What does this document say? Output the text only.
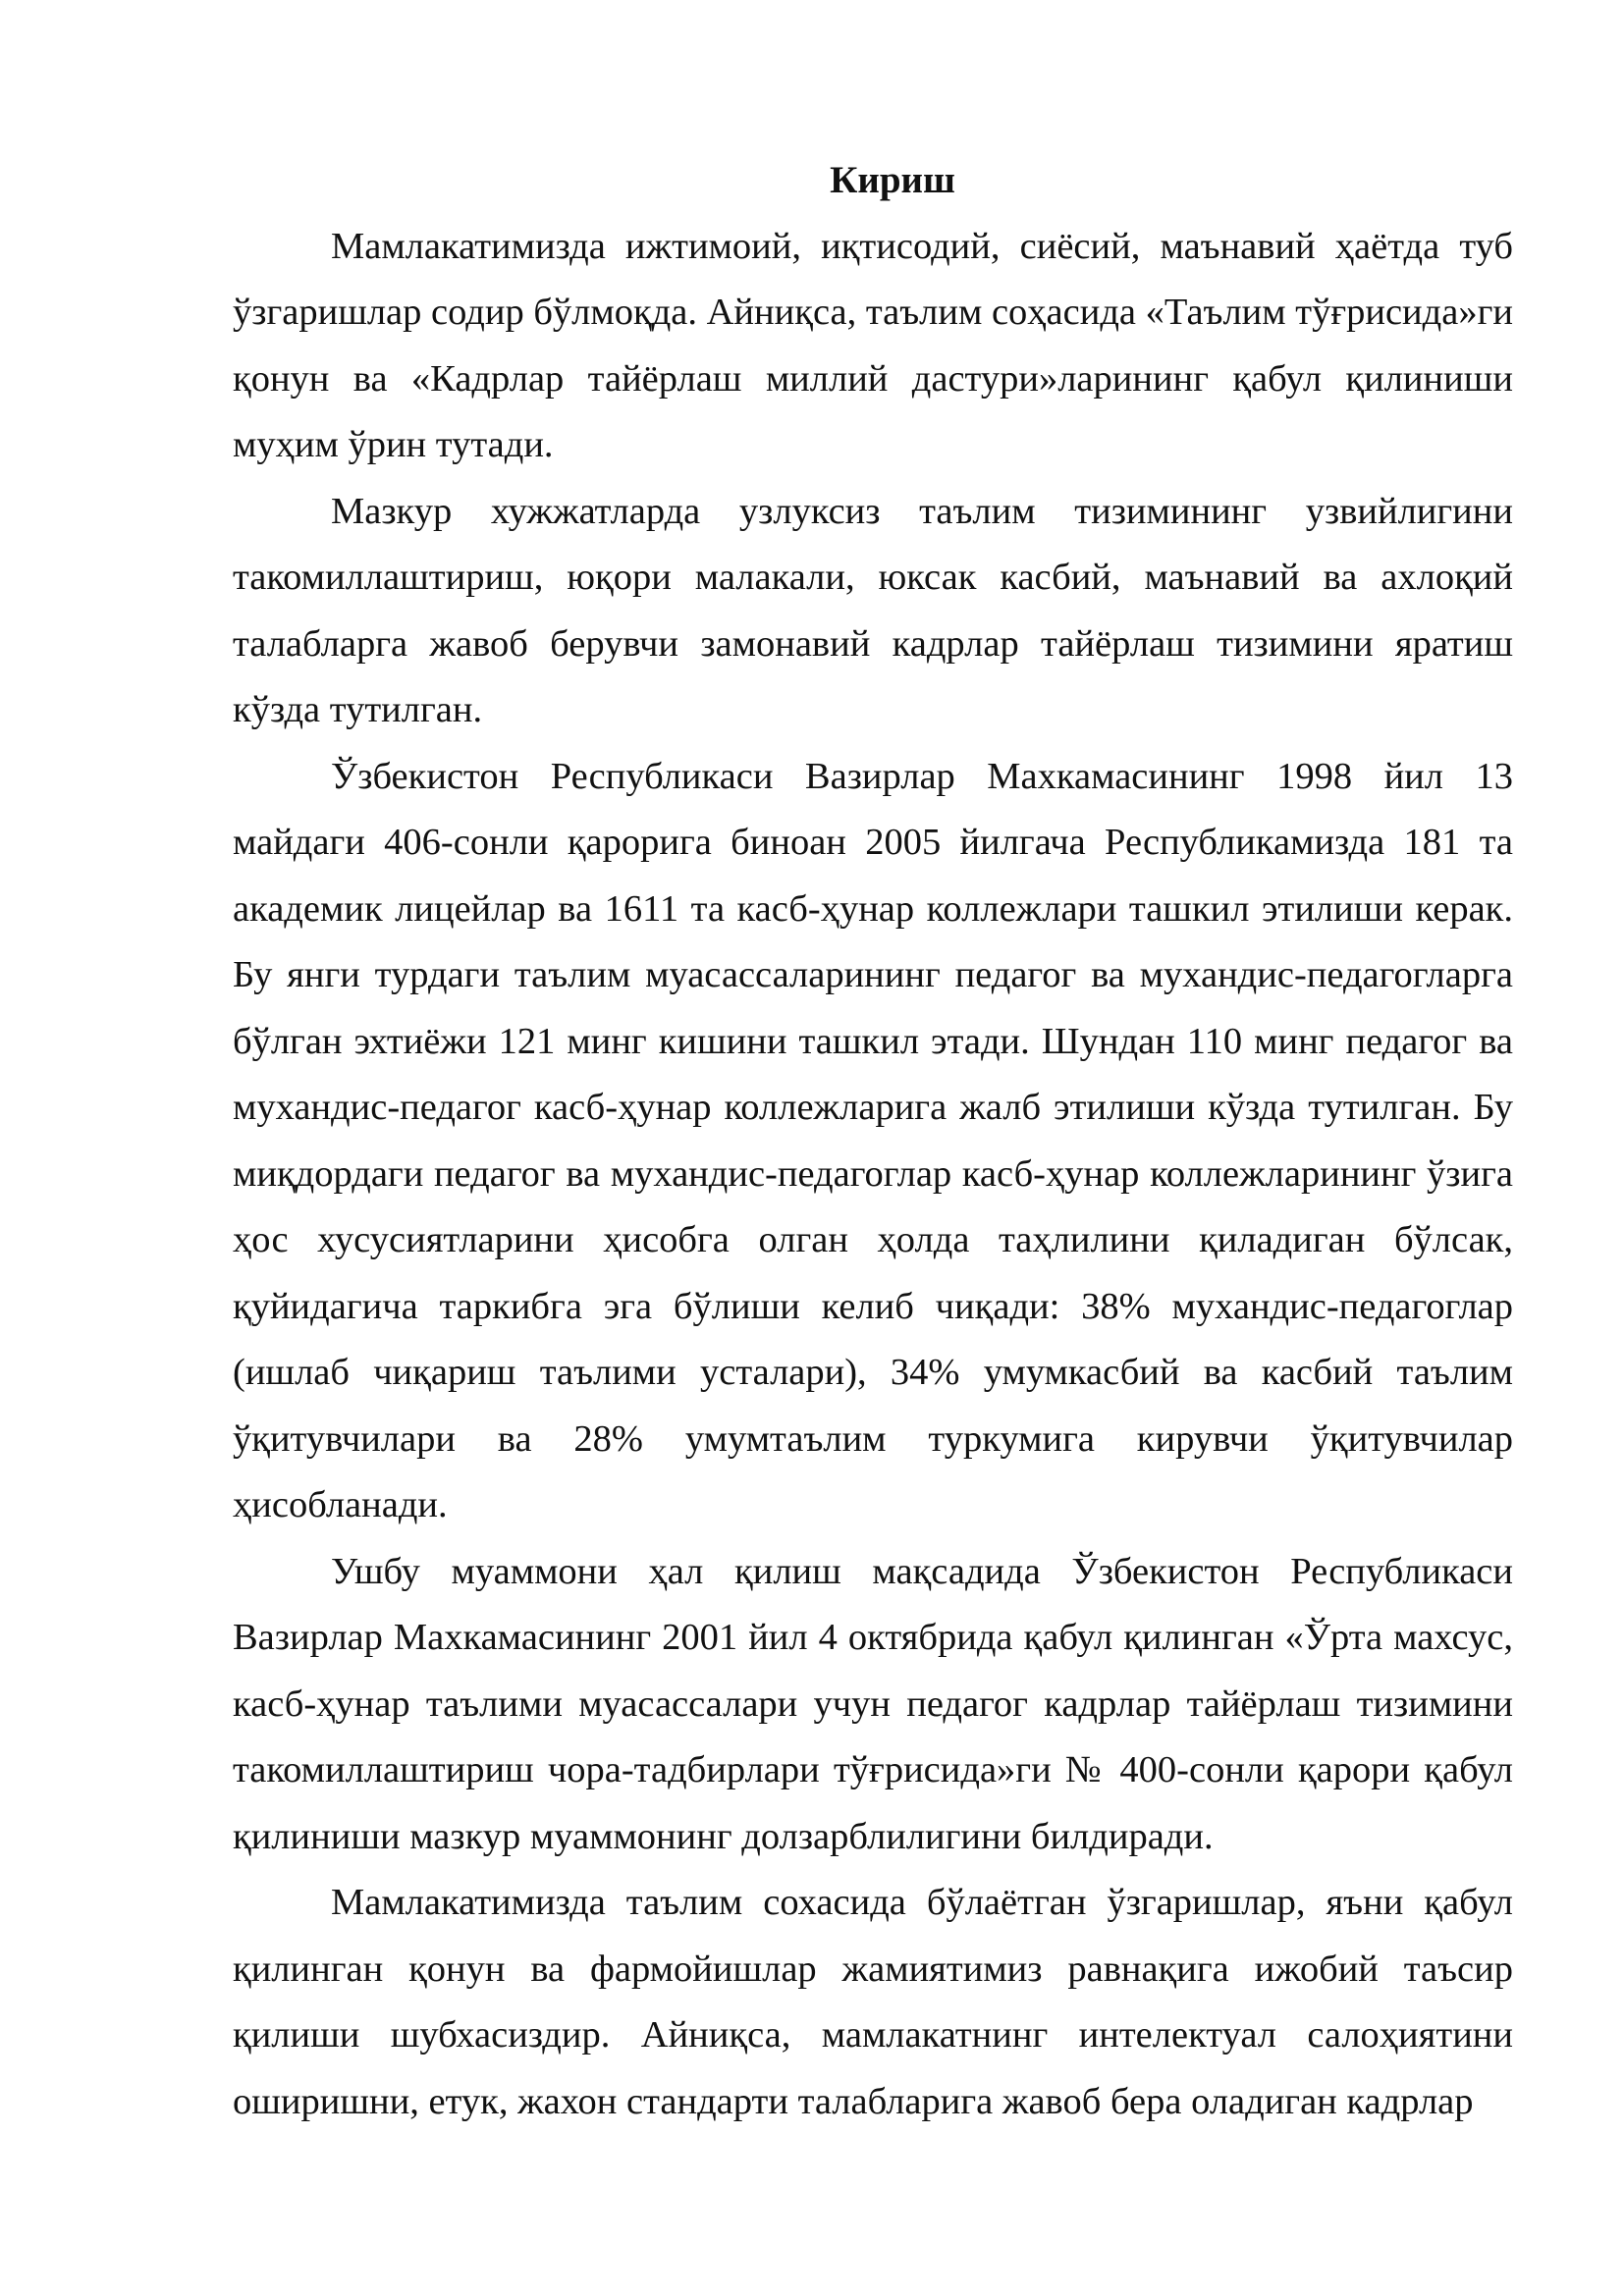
Кириш

Мамлакатимизда ижтимоий, иқтисодий, сиёсий, маънавий ҳаётда туб ўзгаришлар содир бўлмоқда. Айниқса, таълим соҳасида «Таълим тўғрисида»ги қонун ва «Кадрлар тайёрлаш миллий дастури»ларининг қабул қилиниши муҳим ўрин тутади.

Мазкур хужжатларда узлуксиз таълим тизимининг узвийлигини такомиллаштириш, юқори малакали, юксак касбий, маънавий ва ахлоқий талабларга жавоб берувчи замонавий кадрлар тайёрлаш тизимини яратиш кўзда тутилган.

Ўзбекистон Республикаси Вазирлар Махкамасининг 1998 йил 13 майдаги 406-сонли қарорига биноан 2005 йилгача Республикамизда 181 та академик лицейлар ва 1611 та касб-ҳунар коллежлари ташкил этилиши керак. Бу янги турдаги таълим муасассаларининг педагог ва мухандис-педагогларга бўлган эхтиёжи 121 минг кишини ташкил этади. Шундан 110 минг педагог ва мухандис-педагог касб-ҳунар коллежларига жалб этилиши кўзда тутилган. Бу миқдордаги педагог ва мухандис-педагоглар касб-ҳунар коллежларининг ўзига ҳос хусусиятларини ҳисобга олган ҳолда таҳлилини қиладиган бўлсак, қуйидагича таркибга эга бўлиши келиб чиқади: 38% мухандис-педагоглар (ишлаб чиқариш таълими усталари), 34% умумкасбий ва касбий таълим ўқитувчилари ва 28% умумтаълим туркумига кирувчи ўқитувчилар ҳисобланади.

Ушбу муаммони ҳал қилиш мақсадида Ўзбекистон Республикаси Вазирлар Махкамасининг 2001 йил 4 октябрида қабул қилинган «Ўрта махсус, касб-ҳунар таълими муасассалари учун педагог кадрлар тайёрлаш тизимини такомиллаштириш чора-тадбирлари тўғрисида»ги № 400-сонли қарори қабул қилиниши мазкур муаммонинг долзарблилигини билдиради.

Мамлакатимизда таълим сохасида бўлаётган ўзгаришлар, яъни қабул қилинган қонун ва фармойишлар жамиятимиз равнақига ижобий таъсир қилиши шубхасиздир. Айниқса, мамлакатнинг интелектуал салоҳиятини оширишни, етук, жахон стандарти талабларига жавоб бера оладиган кадрлар
